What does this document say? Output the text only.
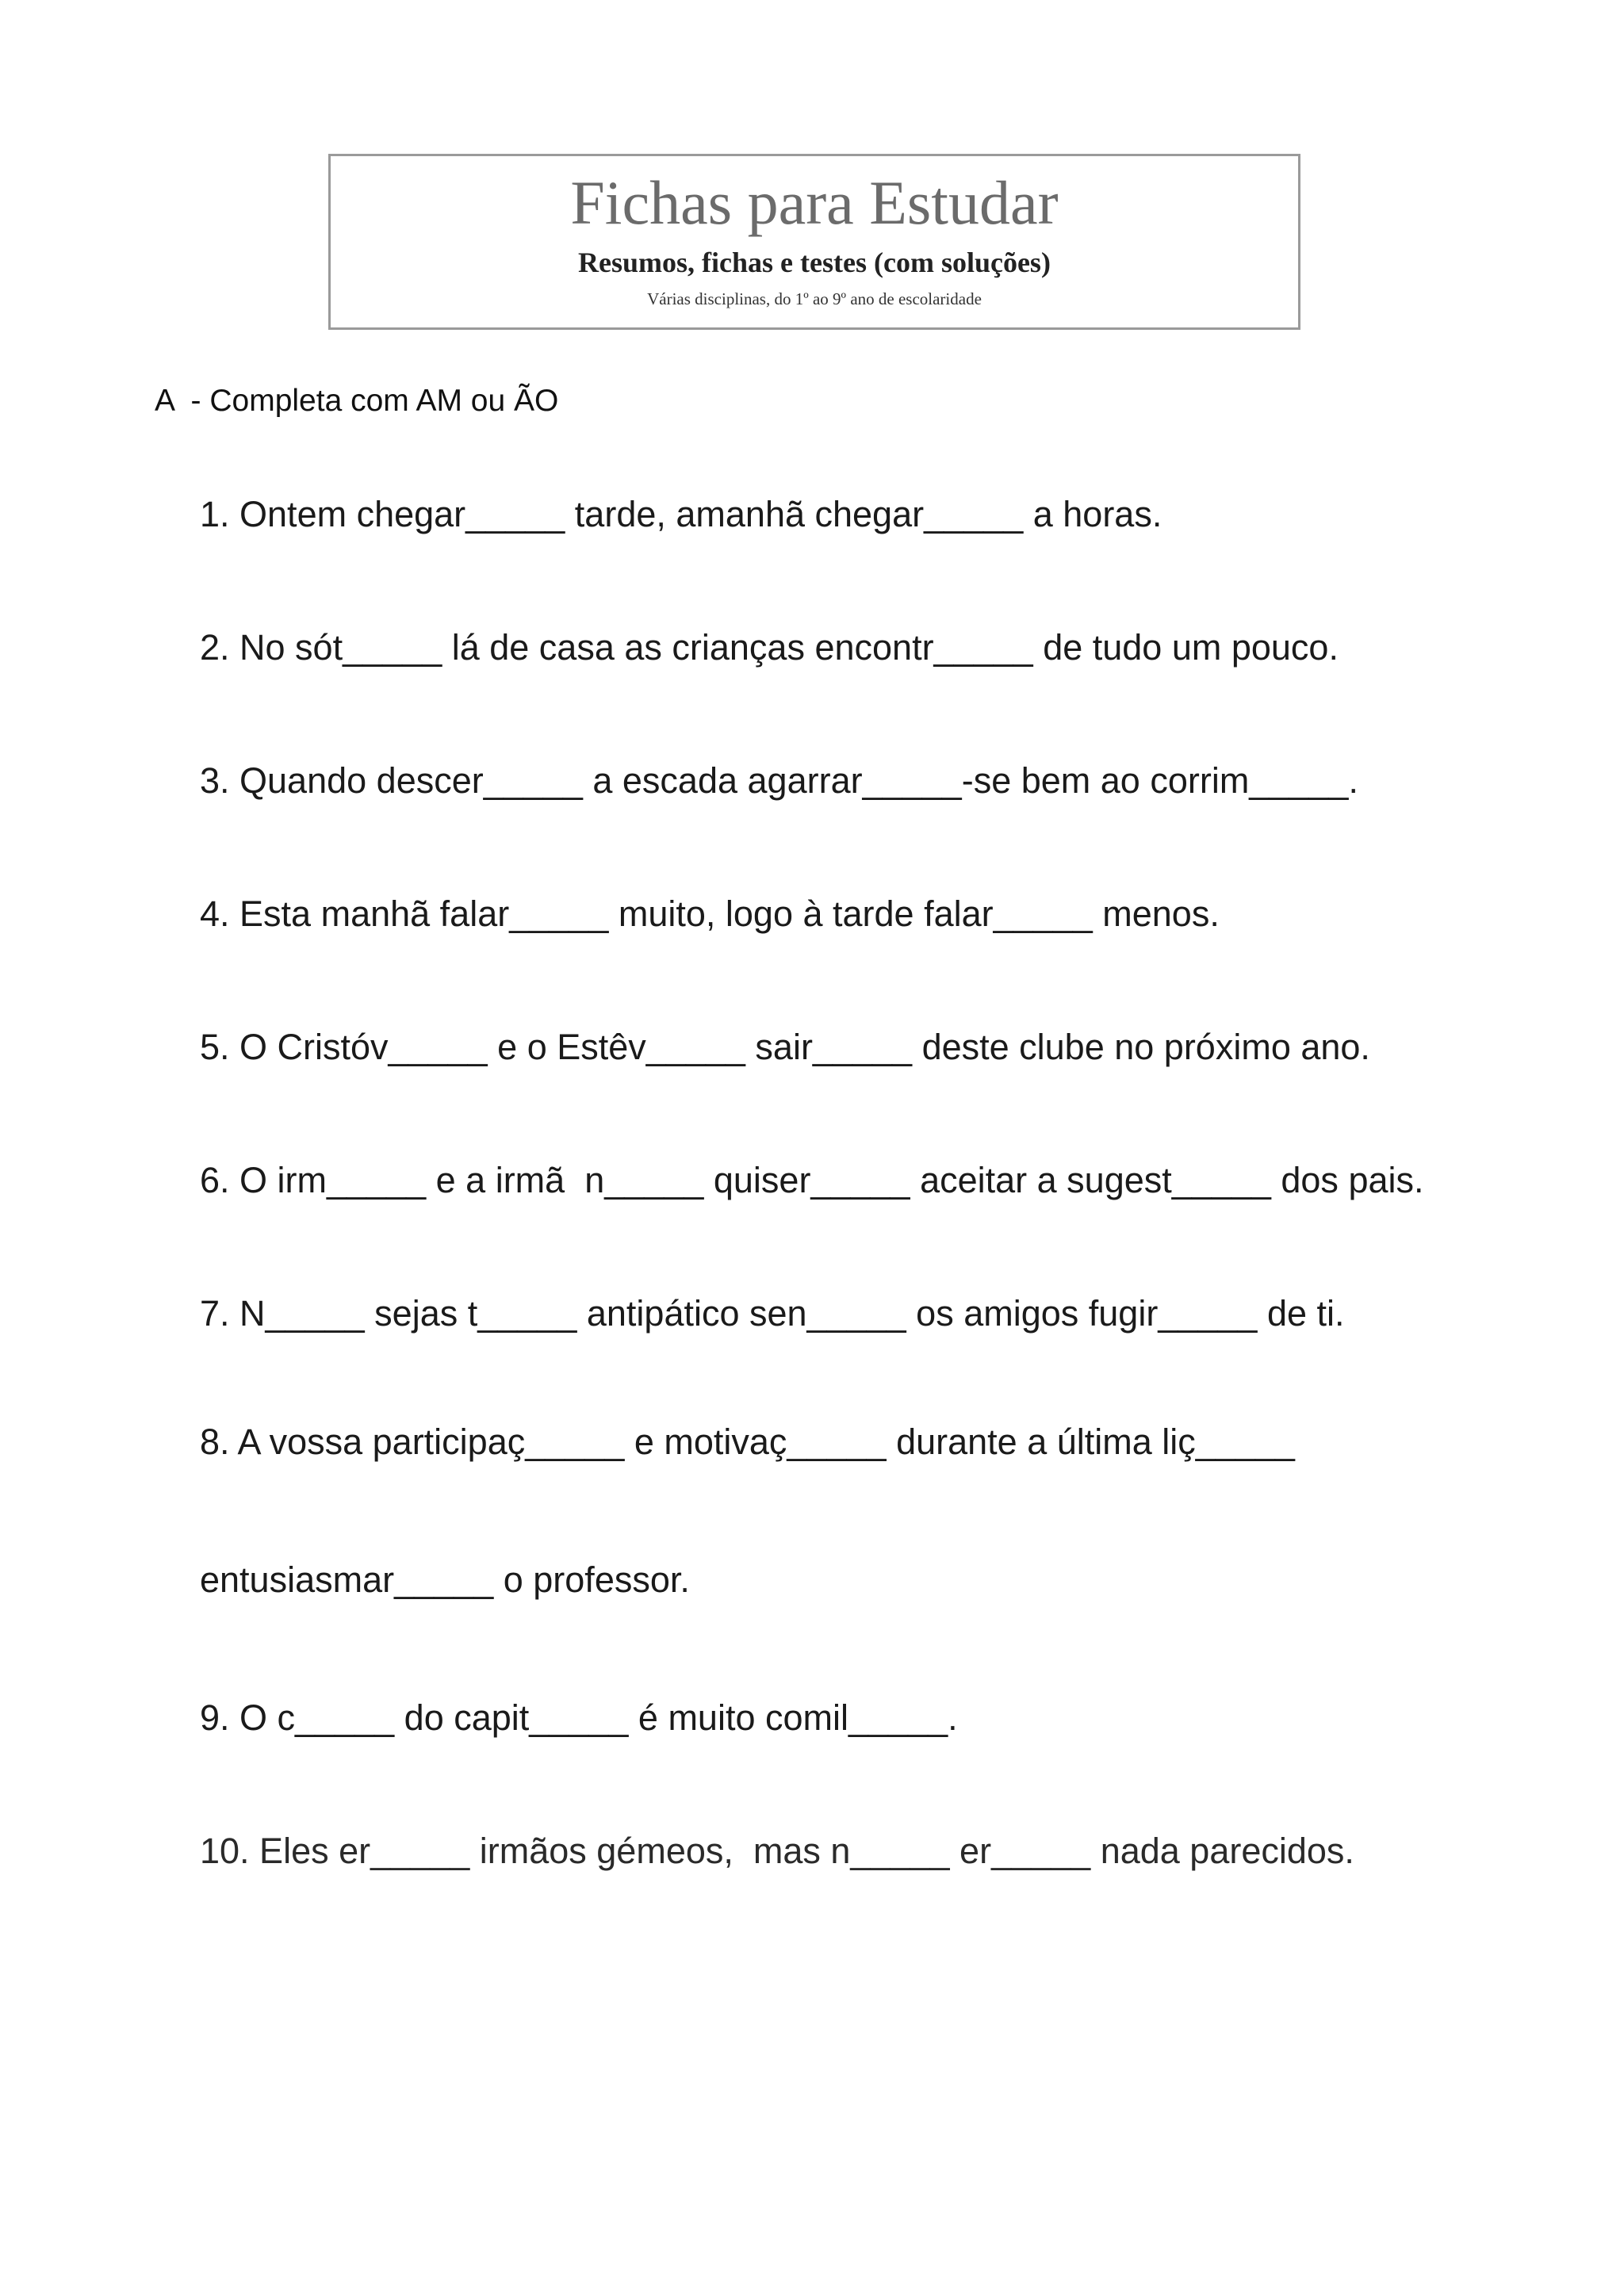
Fichas para Estudar
Resumos, fichas e testes (com soluções)
Várias disciplinas, do 1º ao 9º ano de escolaridade
A  - Completa com AM ou ÃO
1. Ontem chegar_____ tarde, amanhã chegar_____ a horas.
2. No sót_____ lá de casa as crianças encontr_____ de tudo um pouco.
3. Quando descer_____ a escada agarrar_____-se bem ao corrim_____.
4. Esta manhã falar_____ muito, logo à tarde falar_____ menos.
5. O Cristóv_____ e o Estêv_____ sair_____ deste clube no próximo ano.
6. O irm_____ e a irmã  n_____ quiser_____ aceitar a sugest_____ dos pais.
7. N_____ sejas t_____ antipático sen_____ os amigos fugir_____ de ti.
8. A vossa participaç_____ e motivaç_____ durante a última liç_____
entusiasmar_____ o professor.
9. O c_____ do capit_____ é muito comil_____.
10. Eles er_____ irmãos gémeos,  mas n_____ er_____ nada parecidos.
